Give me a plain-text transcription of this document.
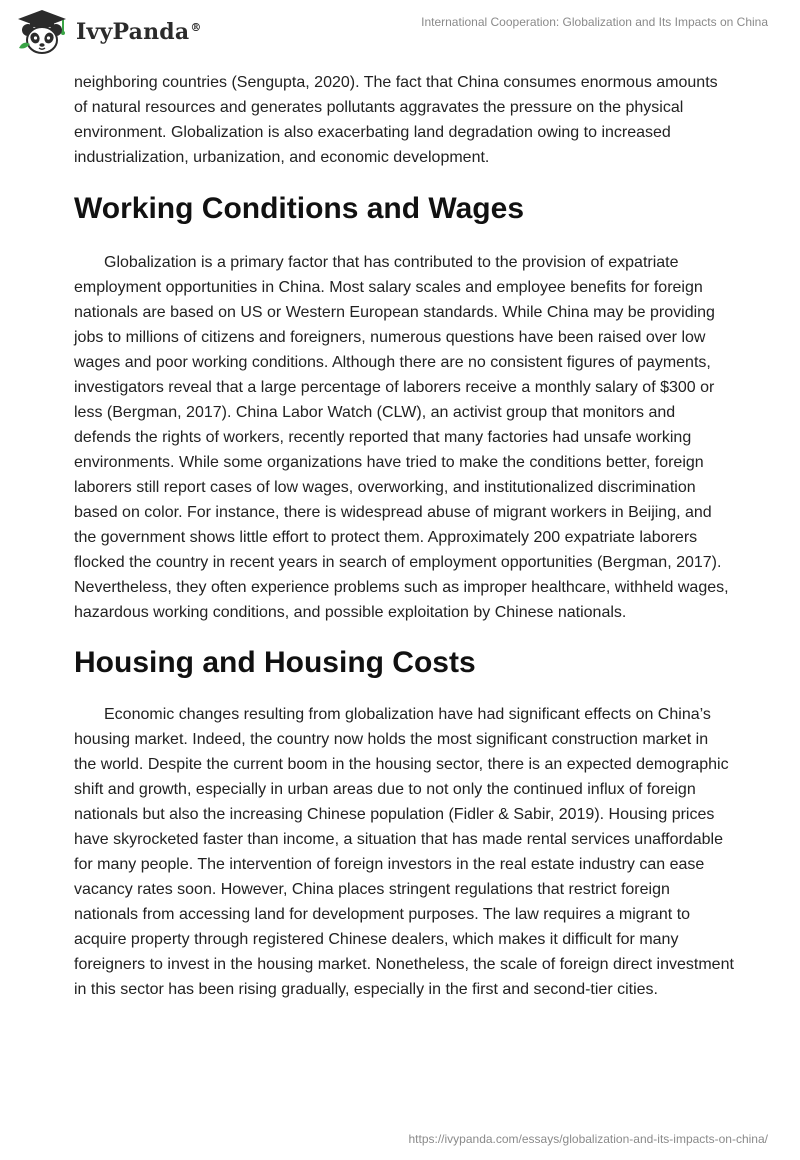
IvyPanda®	International Cooperation: Globalization and Its Impacts on China

neighboring countries (Sengupta, 2020). The fact that China consumes enormous amounts of natural resources and generates pollutants aggravates the pressure on the physical environment. Globalization is also exacerbating land degradation owing to increased industrialization, urbanization, and economic development.

Working Conditions and Wages

Globalization is a primary factor that has contributed to the provision of expatriate employment opportunities in China. Most salary scales and employee benefits for foreign nationals are based on US or Western European standards. While China may be providing jobs to millions of citizens and foreigners, numerous questions have been raised over low wages and poor working conditions. Although there are no consistent figures of payments, investigators reveal that a large percentage of laborers receive a monthly salary of $300 or less (Bergman, 2017). China Labor Watch (CLW), an activist group that monitors and defends the rights of workers, recently reported that many factories had unsafe working environments. While some organizations have tried to make the conditions better, foreign laborers still report cases of low wages, overworking, and institutionalized discrimination based on color. For instance, there is widespread abuse of migrant workers in Beijing, and the government shows little effort to protect them. Approximately 200 expatriate laborers flocked the country in recent years in search of employment opportunities (Bergman, 2017). Nevertheless, they often experience problems such as improper healthcare, withheld wages, hazardous working conditions, and possible exploitation by Chinese nationals.

Housing and Housing Costs

Economic changes resulting from globalization have had significant effects on China’s housing market. Indeed, the country now holds the most significant construction market in the world. Despite the current boom in the housing sector, there is an expected demographic shift and growth, especially in urban areas due to not only the continued influx of foreign nationals but also the increasing Chinese population (Fidler & Sabir, 2019). Housing prices have skyrocketed faster than income, a situation that has made rental services unaffordable for many people. The intervention of foreign investors in the real estate industry can ease vacancy rates soon. However, China places stringent regulations that restrict foreign nationals from accessing land for development purposes. The law requires a migrant to acquire property through registered Chinese dealers, which makes it difficult for many foreigners to invest in the housing market. Nonetheless, the scale of foreign direct investment in this sector has been rising gradually, especially in the first and second-tier cities.

https://ivypanda.com/essays/globalization-and-its-impacts-on-china/
